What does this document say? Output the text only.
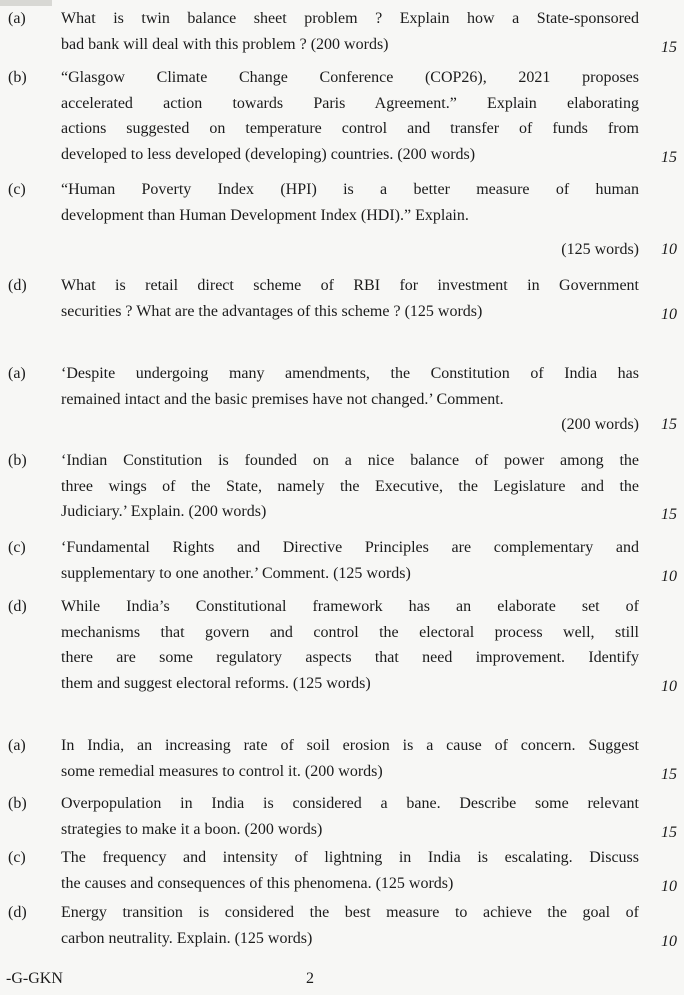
(a) What is twin balance sheet problem ? Explain how a State-sponsored
bad bank will deal with this problem ? (200 words)	15
(b) “Glasgow Climate Change Conference (COP26), 2021 proposes
accelerated action towards Paris Agreement.” Explain elaborating
actions suggested on temperature control and transfer of funds from
developed to less developed (developing) countries. (200 words)	15
(c) “Human Poverty Index (HPI) is a better measure of human
development than Human Development Index (HDI).” Explain.
(125 words) 10
(d) What is retail direct scheme of RBI for investment in Government
securities ? What are the advantages of this scheme ? (125 words)	10
(a) ‘Despite undergoing many amendments, the Constitution of India has
remained intact and the basic premises have not changed.’ Comment.
(200 words) 15
(b) ‘Indian Constitution is founded on a nice balance of power among the
three wings of the State, namely the Executive, the Legislature and the
Judiciary.’ Explain. (200 words)	15
(c) ‘Fundamental Rights and Directive Principles are complementary and
supplementary to one another.’ Comment. (125 words)	10
(d) While India’s Constitutional framework has an elaborate set of
mechanisms that govern and control the electoral process well, still
there are some regulatory aspects that need improvement. Identify
them and suggest electoral reforms. (125 words)	10
(a) In India, an increasing rate of soil erosion is a cause of concern. Suggest
some remedial measures to control it. (200 words)	15
(b) Overpopulation in India is considered a bane. Describe some relevant
strategies to make it a boon. (200 words)	15
(c) The frequency and intensity of lightning in India is escalating. Discuss
the causes and consequences of this phenomena. (125 words)	10
(d) Energy transition is considered the best measure to achieve the goal of
carbon neutrality. Explain. (125 words)	10
-G-GKN	2
